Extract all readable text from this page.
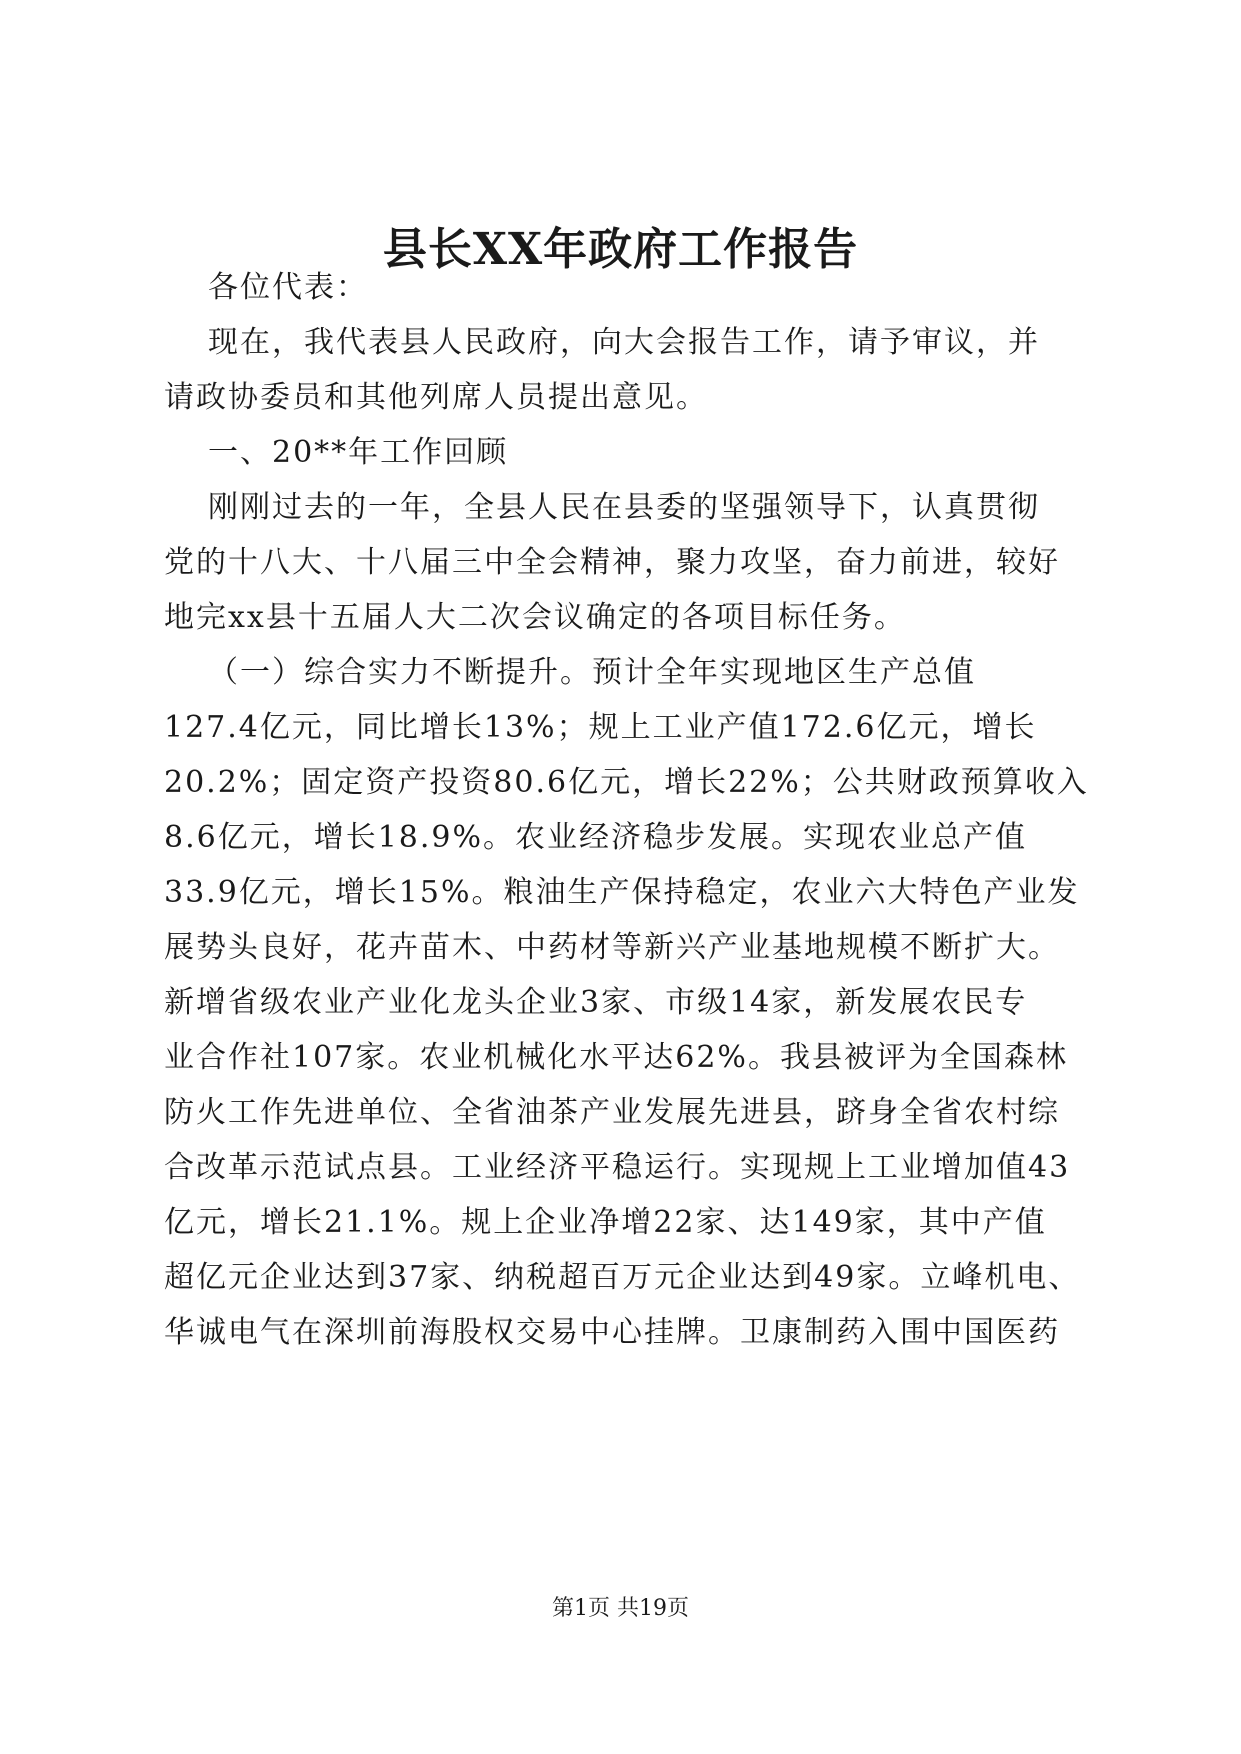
县长XX年政府工作报告
各位代表：
现在，我代表县人民政府，向大会报告工作，请予审议，并
请政协委员和其他列席人员提出意见。
一、20**年工作回顾
刚刚过去的一年，全县人民在县委的坚强领导下，认真贯彻
党的十八大、十八届三中全会精神，聚力攻坚，奋力前进，较好
地完xx县十五届人大二次会议确定的各项目标任务。
（一）综合实力不断提升。预计全年实现地区生产总值
127.4亿元，同比增长13%；规上工业产值172.6亿元，增长
20.2%；固定资产投资80.6亿元，增长22%；公共财政预算收入
8.6亿元，增长18.9%。农业经济稳步发展。实现农业总产值
33.9亿元，增长15%。粮油生产保持稳定，农业六大特色产业发
展势头良好，花卉苗木、中药材等新兴产业基地规模不断扩大。
新增省级农业产业化龙头企业3家、市级14家，新发展农民专
业合作社107家。农业机械化水平达62%。我县被评为全国森林
防火工作先进单位、全省油茶产业发展先进县，跻身全省农村综
合改革示范试点县。工业经济平稳运行。实现规上工业增加值43
亿元，增长21.1%。规上企业净增22家、达149家，其中产值
超亿元企业达到37家、纳税超百万元企业达到49家。立峰机电、
华诚电气在深圳前海股权交易中心挂牌。卫康制药入围中国医药
第1页 共19页
